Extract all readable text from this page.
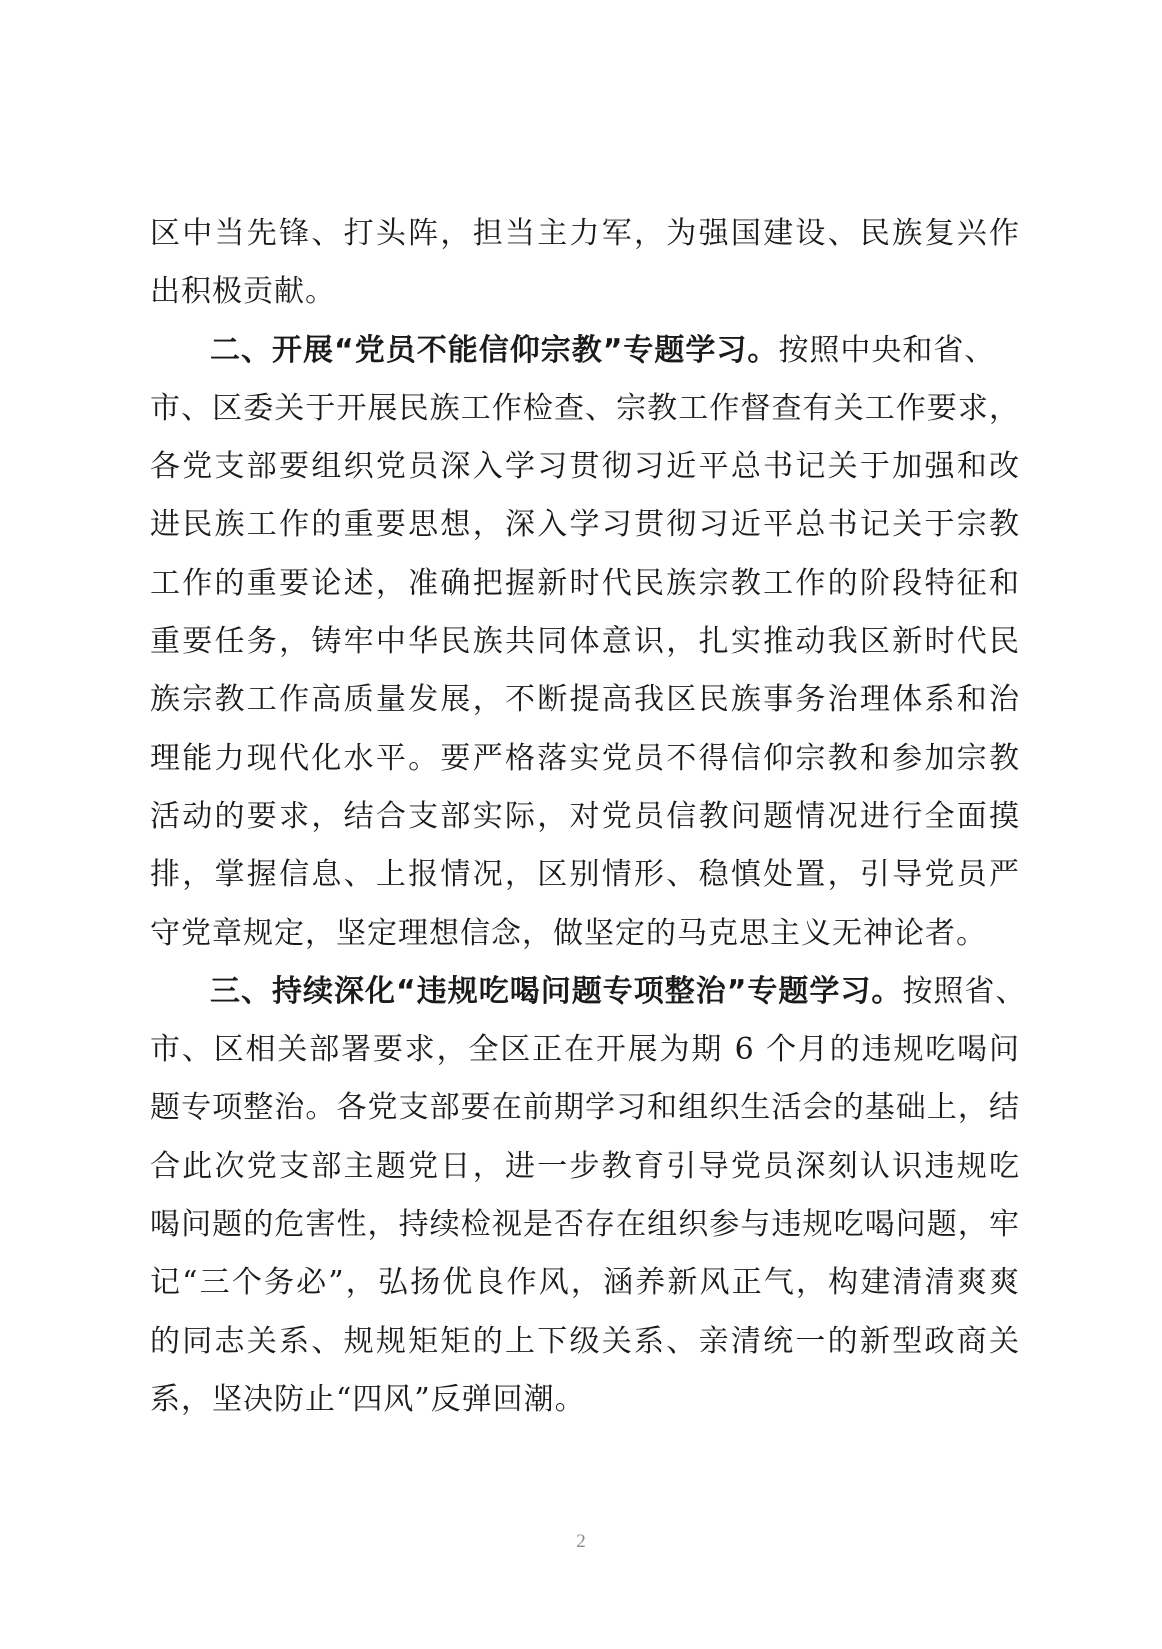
区中当先锋、打头阵，担当主力军，为强国建设、民族复兴作
出积极贡献。
二、开展“党员不能信仰宗教”专题学习。按照中央和省、
市、区委关于开展民族工作检查、宗教工作督查有关工作要求，
各党支部要组织党员深入学习贯彻习近平总书记关于加强和改
进民族工作的重要思想，深入学习贯彻习近平总书记关于宗教
工作的重要论述，准确把握新时代民族宗教工作的阶段特征和
重要任务，铸牢中华民族共同体意识，扎实推动我区新时代民
族宗教工作高质量发展，不断提高我区民族事务治理体系和治
理能力现代化水平。要严格落实党员不得信仰宗教和参加宗教
活动的要求，结合支部实际，对党员信教问题情况进行全面摸
排，掌握信息、上报情况，区别情形、稳慎处置，引导党员严
守党章规定，坚定理想信念，做坚定的马克思主义无神论者。
三、持续深化“违规吃喝问题专项整治”专题学习。按照省、
市、区相关部署要求，全区正在开展为期 6 个月的违规吃喝问
题专项整治。各党支部要在前期学习和组织生活会的基础上，结
合此次党支部主题党日，进一步教育引导党员深刻认识违规吃
喝问题的危害性，持续检视是否存在组织参与违规吃喝问题，牢
记“三个务必”，弘扬优良作风，涵养新风正气，构建清清爽爽
的同志关系、规规矩矩的上下级关系、亲清统一的新型政商关
系，坚决防止“四风”反弹回潮。
2
